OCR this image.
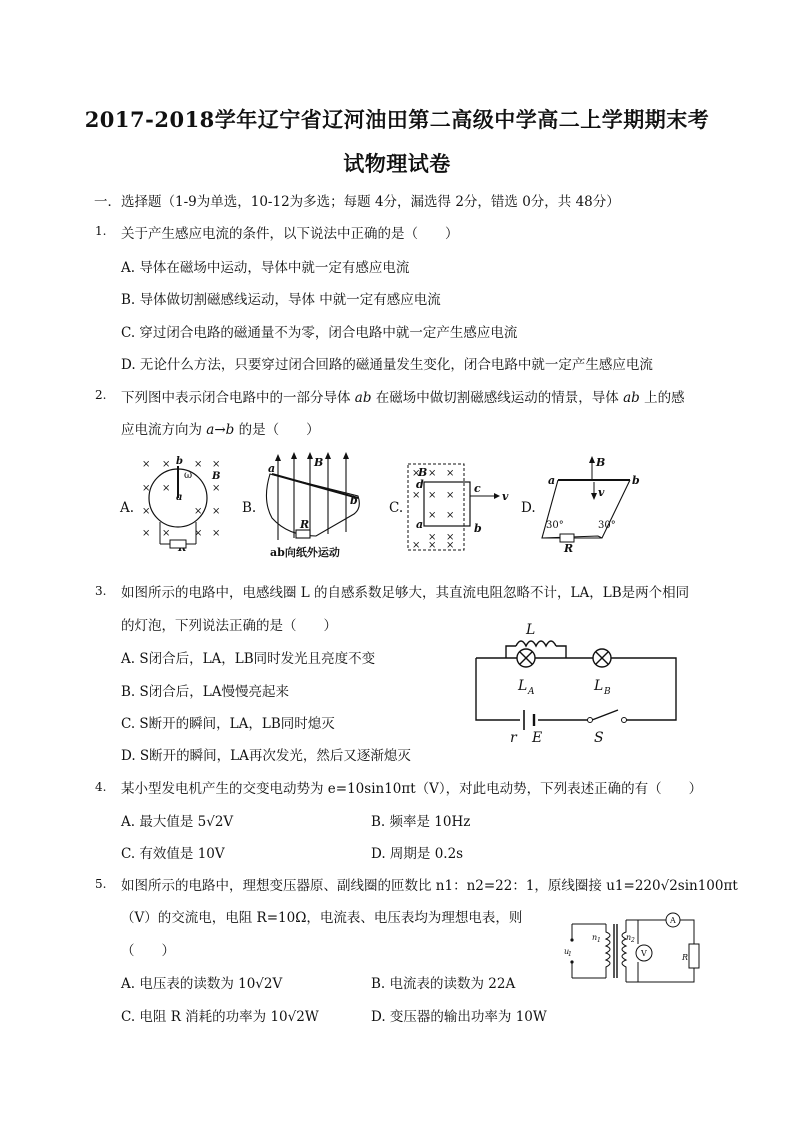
2017-2018学年辽宁省辽河油田第二高级中学高二上学期期末考
试物理试卷
一．选择题（1-9为单选，10-12为多选；每题 4分，漏选得 2分，错选 0分，共 48分）
1. 关于产生感应电流的条件，以下说法中正确的是（　　）
A. 导体在磁场中运动，导体中就一定有感应电流
B. 导体做切割磁感线运动，导体 中就一定有感应电流
C. 穿过闭合电路的磁通量不为零，闭合电路中就一定产生感应电流
D. 无论什么方法，只要穿过闭合回路的磁通量发生变化，闭合电路中就一定产生感应电流
2. 下列图中表示闭合电路中的一部分导体 ab 在磁场中做切割磁感线运动的情景，导体 ab 上的感
应电流方向为 a→b 的是（　　）
A.	B.	C.	D.
× × × ×
× ×	×
×	× ×
× × × ×
b
a
B
ω
a
b
B
R
ab向纸外运动
× × ×
× × ×
× ×
× ×
× × ×
B
d	c
v
a	b
a	b
B
v
R
30°	30°
3. 如图所示的电路中，电感线圈 L 的自感系数足够大，其直流电阻忽略不计，LA，LB是两个相同
的灯泡，下列说法正确的是（　　）
A. S闭合后，LA，LB同时发光且亮度不变
B. S闭合后，LA慢慢亮起来
C. S断开的瞬间，LA，LB同时熄灭
D. S断开的瞬间，LA再次发光，然后又逐渐熄灭
L
L A	L B
r E	S
4. 某小型发电机产生的交变电动势为 e=10sin10πt（V），对此电动势，下列表述正确的有（　　）
A. 最大值是 5√2V	B. 频率是 10Hz
C. 有效值是 10V	D. 周期是 0.2s
5. 如图所示的电路中，理想变压器原、副线圈的匝数比 n1：n2=22：1，原线圈接 u1=220√2sin100πt
（V）的交流电，电阻 R=10Ω，电流表、电压表均为理想电表，则
（　　）
A. 电压表的读数为 10√2V	B. 电流表的读数为 22A
C. 电阻 R 消耗的功率为 10√2W	D. 变压器的输出功率为 10W
A
V
n 1	n 2
u
1	R
